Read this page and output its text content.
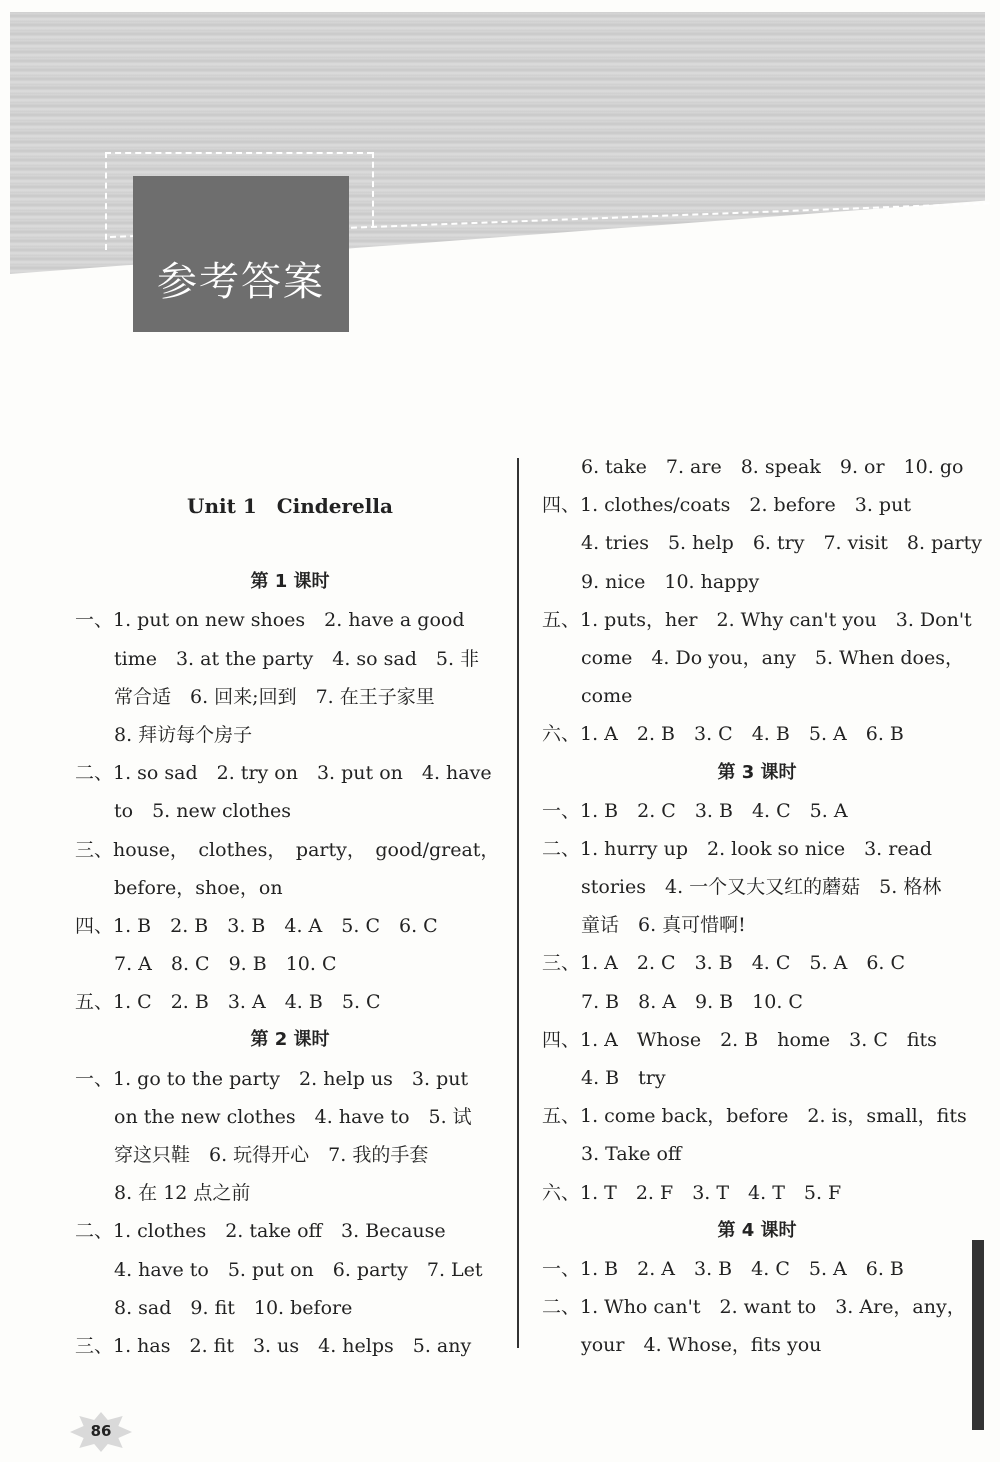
参考答案
Unit 1　Cinderella
第 1 课时
一、1. put on new shoes　2. have a good
time　3. at the party　4. so sad　5. 非
常合适　6. 回来;回到　7. 在王子家里
8. 拜访每个房子
二、1. so sad　2. try on　3. put on　4. have
to　5. new clothes
三、house，　clothes，　party，　good/great，
before，shoe，on
四、1. B　2. B　3. B　4. A　5. C　6. C
7. A　8. C　9. B　10. C
五、1. C　2. B　3. A　4. B　5. C
第 2 课时
一、1. go to the party　2. help us　3. put
on the new clothes　4. have to　5. 试
穿这只鞋　6. 玩得开心　7. 我的手套
8. 在 12 点之前
二、1. clothes　2. take off　3. Because
4. have to　5. put on　6. party　7. Let
8. sad　9. fit　10. before
三、1. has　2. fit　3. us　4. helps　5. any
6. take　7. are　8. speak　9. or　10. go
四、1. clothes/coats　2. before　3. put
4. tries　5. help　6. try　7. visit　8. party
9. nice　10. happy
五、1. puts，her　2. Why can't you　3. Don't
come　4. Do you，any　5. When does，
come
六、1. A　2. B　3. C　4. B　5. A　6. B
第 3 课时
一、1. B　2. C　3. B　4. C　5. A
二、1. hurry up　2. look so nice　3. read
stories　4. 一个又大又红的蘑菇　5. 格林
童话　6. 真可惜啊!
三、1. A　2. C　3. B　4. C　5. A　6. C
7. B　8. A　9. B　10. C
四、1. A　Whose　2. B　home　3. C　fits
4. B　try
五、1. come back，before　2. is，small，fits
3. Take off
六、1. T　2. F　3. T　4. T　5. F
第 4 课时
一、1. B　2. A　3. B　4. C　5. A　6. B
二、1. Who can't　2. want to　3. Are，any，
your　4. Whose，fits you
86
